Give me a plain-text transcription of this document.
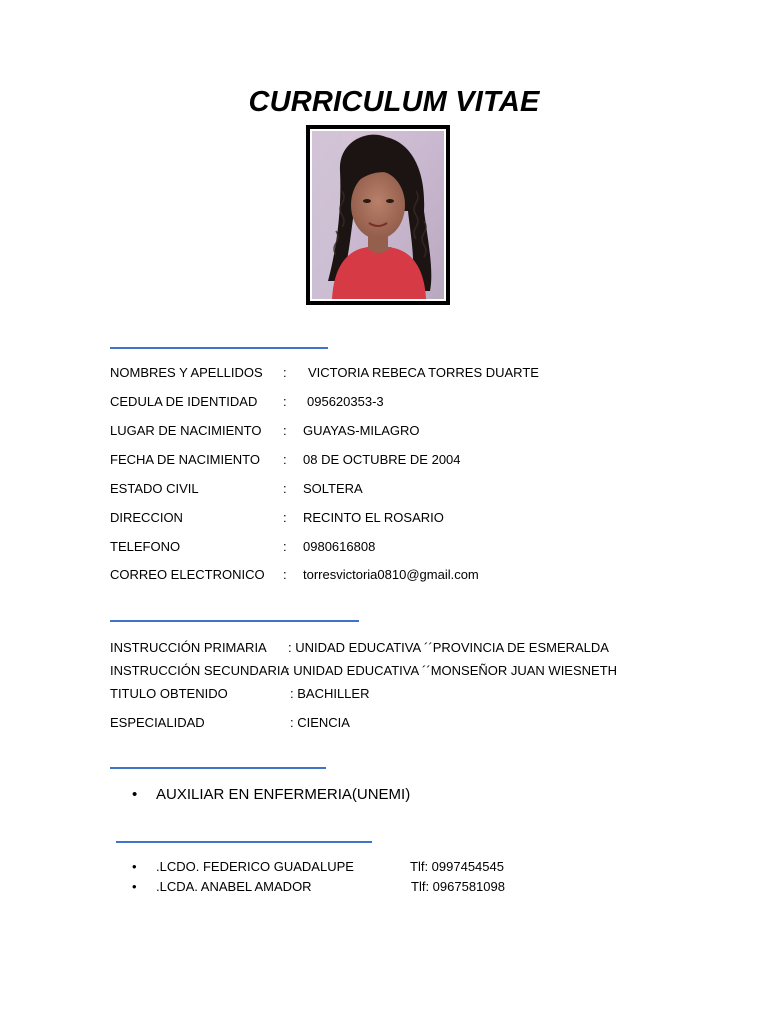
CURRICULUM VITAE
NOMBRES Y APELLIDOS : VICTORIA REBECA TORRES DUARTE
CEDULA DE IDENTIDAD : 095620353-3
LUGAR DE NACIMIENTO : GUAYAS-MILAGRO
FECHA DE NACIMIENTO : 08 DE OCTUBRE DE 2004
ESTADO CIVIL	: SOLTERA
DIRECCION	: RECINTO EL ROSARIO
TELEFONO	: 0980616808
CORREO ELECTRONICO : torresvictoria0810@gmail.com
INSTRUCCIÓN PRIMARIA : UNIDAD EDUCATIVA ´´PROVINCIA DE ESMERALDA
INSTRUCCIÓN SECUNDARIA
: UNIDAD EDUCATIVA ´´MONSEÑOR JUAN WIESNETH
TITULO OBTENIDO	: BACHILLER
ESPECIALIDAD	: CIENCIA
• AUXILIAR EN ENFERMERIA(UNEMI)
• .LCDO. FEDERICO GUADALUPE	Tlf: 0997454545
• .LCDA. ANABEL AMADOR	Tlf: 0967581098
